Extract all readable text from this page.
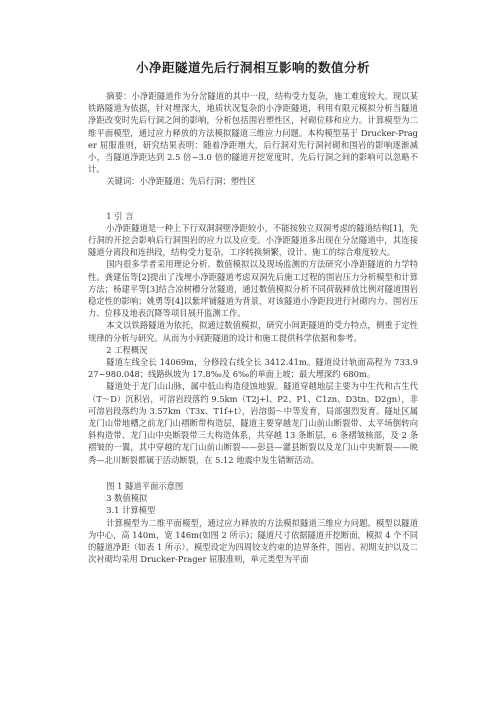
小净距隧道先后行洞相互影响的数值分析

摘要：小净距隧道作为分岔隧道的其中一段，结构受力复杂，施工难度较大。现以某铁路隧道为依据，针对埋深大，地质状况复杂的小净距隧道，利用有限元模拟分析当隧道净距改变时先后行洞之间的影响，分析包括围岩塑性区，衬砌位移和应力。计算模型为二维平面模型，通过应力释放的方法模拟隧道三维应力问题。本构模型基于 Drucker-Prager 屈服准则，研究结果表明：随着净距增大，后行洞对先行洞衬砌和围岩的影响逐渐减小，当隧道净距达到 2.5 倍~3.0 倍的隧道开挖宽度时，先后行洞之间的影响可以忽略不计。

关键词：小净距隧道；先后行洞；塑性区

1 引 言

小净距隧道是一种上下行双洞洞壁净距较小，不能按独立双洞考虑的隧道结构[1]，先行洞的开挖会影响后行洞围岩的应力以及应变。小净距隧道多出现在分岔隧道中，其连接隧道分离段和连拱段，结构受力复杂，工序转换频繁，设计、施工的综合难度较大。

国内很多学者采用理论分析、数值模拟以及现场监测的方法研究小净距隧道的力学特性。龚建伍等[2]提出了浅埋小净距隧道考虑双洞先后施工过程的围岩压力分析模型和计算方法；杨建平等[3]结合凉树槽分岔隧道，通过数值模拟分析不同荷载释放比例对隧道围岩稳定性的影响；姚勇等[4]以紫坪铺隧道为背景，对该隧道小净距段进行衬砌内力、围岩压力、位移及地表沉降等项目展开监测工作。

本文以铁路隧道为依托，拟通过数值模拟，研究小间距隧道的受力特点，侧重于定性规律的分析与研究。从而为小间距隧道的设计和施工提供科学依据和参考。

2 工程概况

隧道左线全长 14069m，分修段右线全长 3412.41m。隧道设计轨面高程为 733.927~980.048；线路纵坡为 17.8‰及 6‰的单面上坡；最大埋深约 680m。

隧道处于龙门山山脉，属中低山构造侵蚀地貌。隧道穿越地层主要为中生代和古生代（T～D）沉积岩，可溶岩段落约 9.5km（T2j+l、P2、P1、C1zn、D3tn、D2gn），非可溶岩段落约为 3.57km（T3x、T1f+t），岩溶弱～中等发育，局部强烈发育。隧址区属龙门山带地槽之前龙门山褶断带构造层，隧道主要穿越龙门山前山断裂带、太平场倒转向斜构造带、龙门山中央断裂带三大构造体系，共穿越 13 条断层，6 条褶皱核部，及 2 条褶皱的一翼，其中穿越的龙门山前山断裂——彭县—灌县断裂以及龙门山中央断裂——映秀—北川断裂都属于活动断裂，在 5.12 地震中发生错断活动。

图 1 隧道平面示意图
3 数值模拟
3.1 计算模型

计算模型为二维平面模型，通过应力释放的方法模拟隧道三维应力问题。模型以隧道为中心，高 140m，宽 146m(如图 2 所示)；隧道尺寸依据隧道开挖断面，模拟 4 个不同的隧道净距（如表 1 所示）。模型设定为四周铰支约束的边界条件，围岩、初期支护以及二次衬砌均采用 Drucker-Prager 屈服准则，单元类型为平面
